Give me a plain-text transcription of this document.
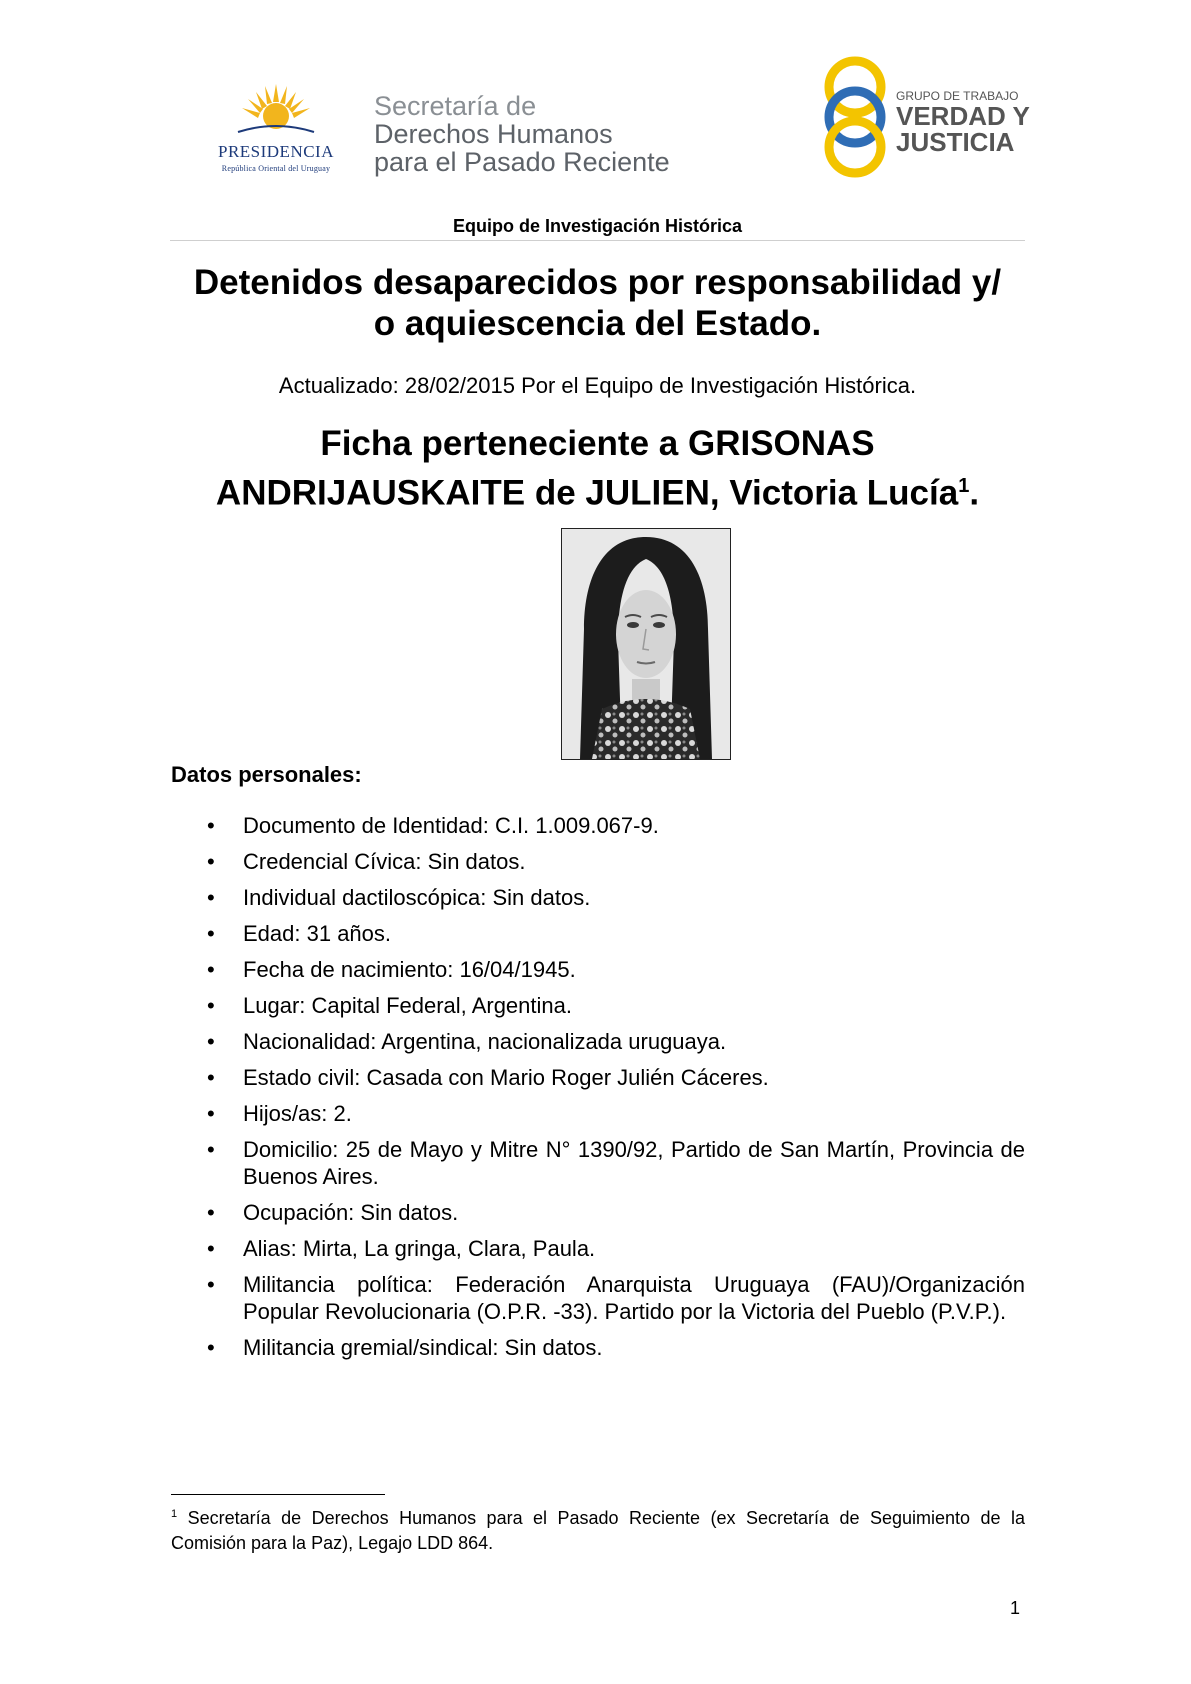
PRESIDENCIA
República Oriental del Uruguay
Secretaría de
Derechos Humanos
para el Pasado Reciente
GRUPO DE TRABAJO
VERDAD Y
JUSTICIA
Equipo de Investigación Histórica
Detenidos desaparecidos por responsabilidad y/
o aquiescencia del Estado.
Actualizado: 28/02/2015 Por el Equipo de Investigación Histórica.
Ficha perteneciente a GRISONAS
ANDRIJAUSKAITE de JULIEN, Victoria Lucía$^1$.
Datos personales:
• Documento de Identidad: C.I. 1.009.067-9.
• Credencial Cívica: Sin datos.
• Individual dactiloscópica: Sin datos.
• Edad: 31 años.
• Fecha de nacimiento: 16/04/1945.
• Lugar: Capital Federal, Argentina.
• Nacionalidad: Argentina, nacionalizada uruguaya.
• Estado civil: Casada con Mario Roger Julién Cáceres.
• Hijos/as: 2.
• Domicilio: 25 de Mayo y Mitre N° 1390/92, Partido de San Martín, Provincia de Buenos Aires.
• Ocupación: Sin datos.
• Alias: Mirta, La gringa, Clara, Paula.
• Militancia política: Federación Anarquista Uruguaya (FAU)/Organización Popular Revolucionaria (O.P.R. -33). Partido por la Victoria del Pueblo (P.V.P.).
• Militancia gremial/sindical: Sin datos.
$^1$ Secretaría de Derechos Humanos para el Pasado Reciente (ex Secretaría de Seguimiento de la Comisión para la Paz), Legajo LDD 864.
1
